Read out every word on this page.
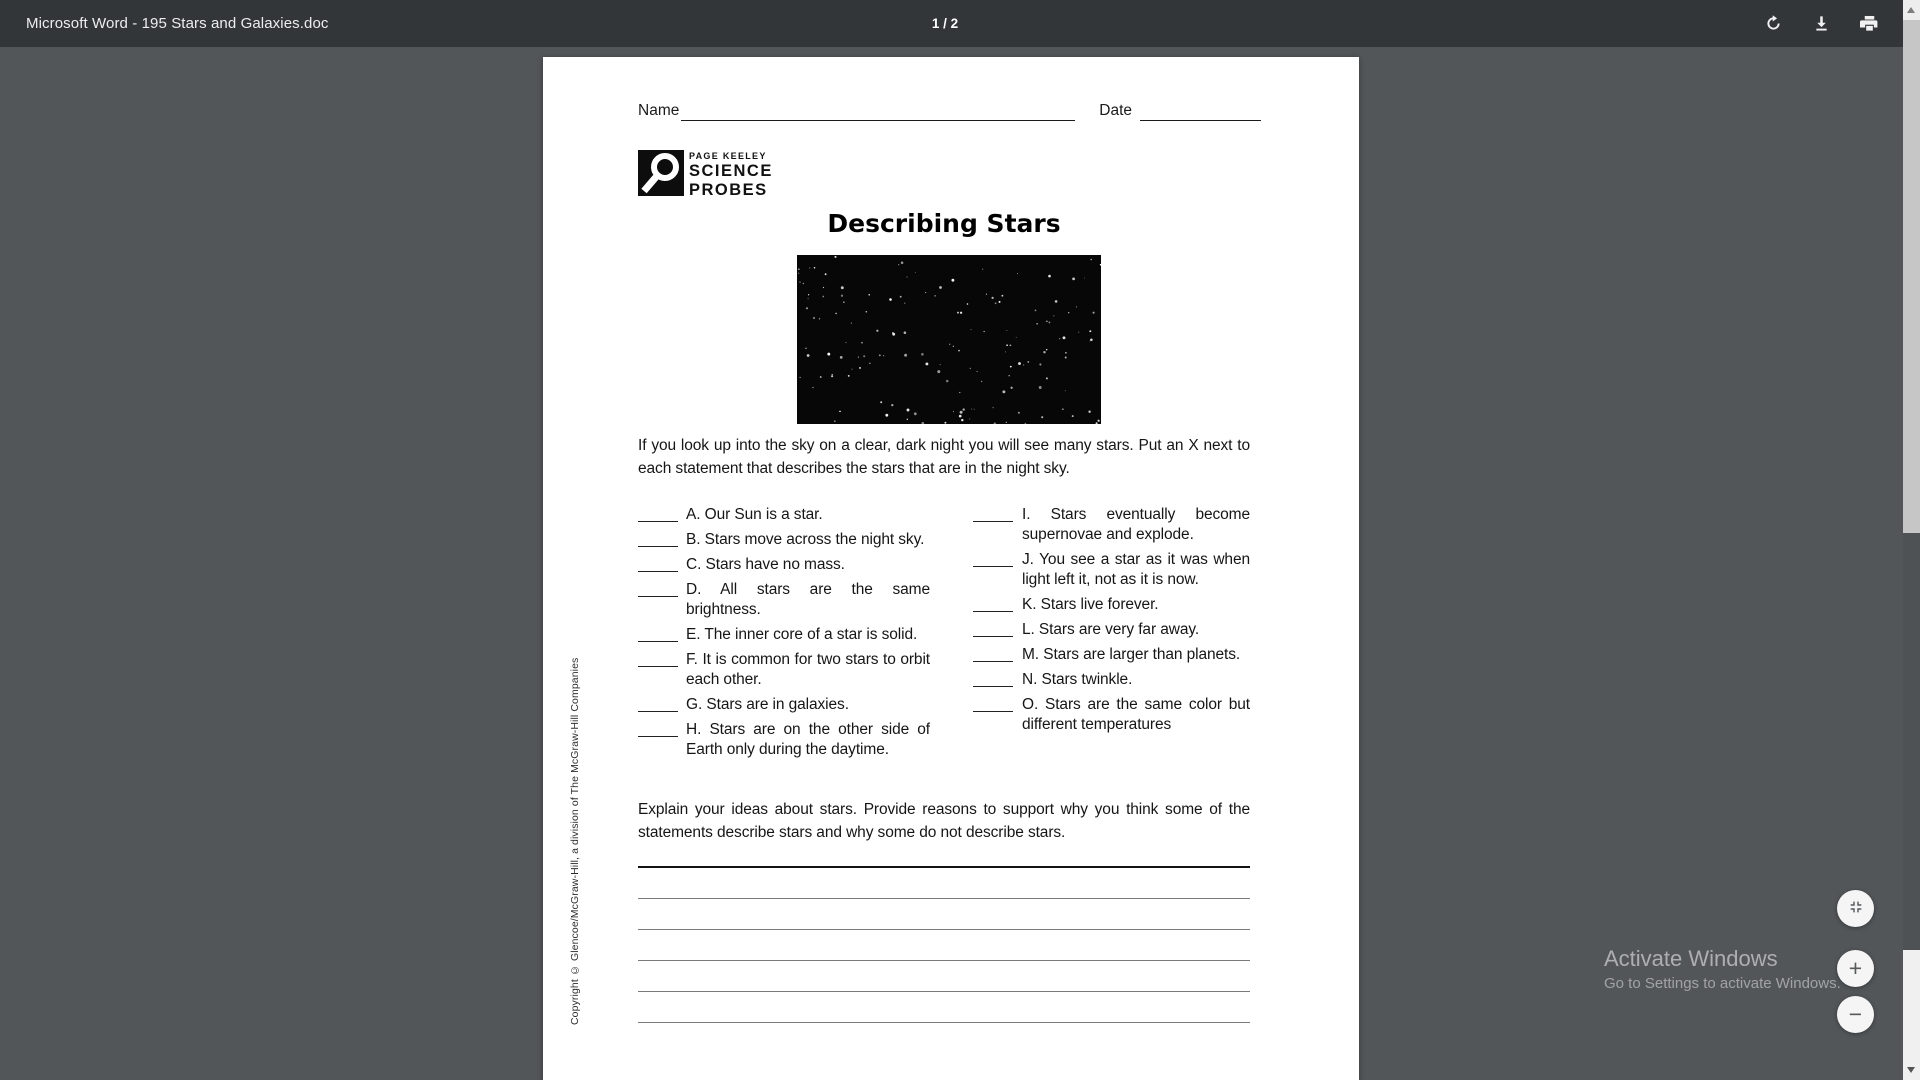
Microsoft Word - 195 Stars and Galaxies.doc	1 / 2
Name	Date
PAGE KEELEY
SCIENCE
PROBES
Describing Stars

If you look up into the sky on a clear, dark night you will see many stars. Put an X next to each statement that describes the stars that are in the night sky.

A. Our Sun is a star.
B. Stars move across the night sky.
C. Stars have no mass.
D. All stars are the same brightness.
E. The inner core of a star is solid.
F. It is common for two stars to orbit each other.
G. Stars are in galaxies.
H. Stars are on the other side of Earth only during the daytime.
I. Stars eventually become supernovae and explode.
J. You see a star as it was when light left it, not as it is now.
K. Stars live forever.
L. Stars are very far away.
M. Stars are larger than planets.
N. Stars twinkle.
O. Stars are the same color but different temperatures

Explain your ideas about stars. Provide reasons to support why you think some of the statements describe stars and why some do not describe stars.

Copyright © Glencoe/McGraw-Hill, a division of The McGraw-Hill Companies	+
−
Activate Windows
Go to Settings to activate Windows.
